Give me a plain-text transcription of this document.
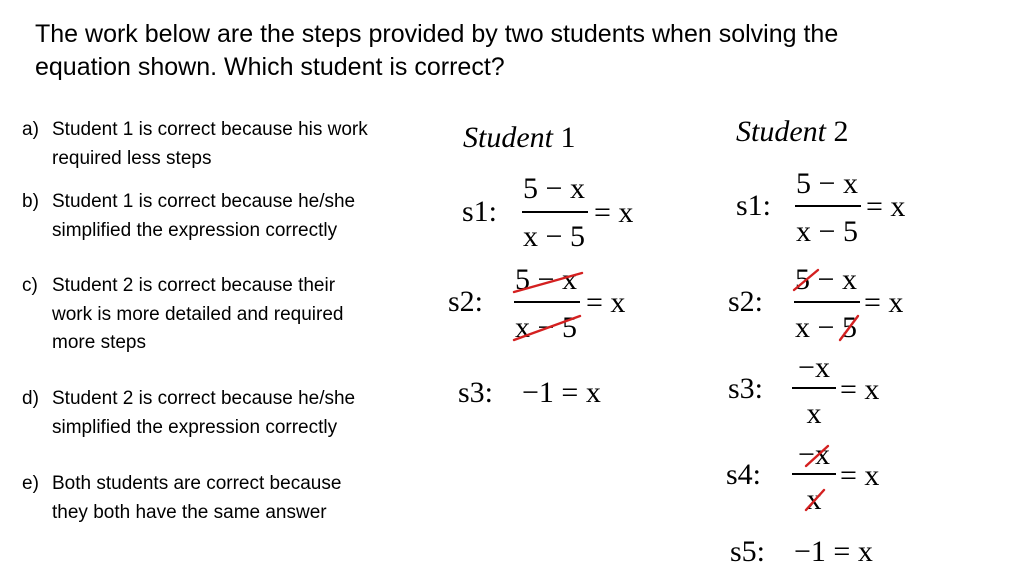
The work below are the steps provided by two students when solving the
equation shown. Which student is correct?
a) Student 1 is correct because his work
required less steps
b) Student 1 is correct because he/she
simplified the expression correctly
c) Student 2 is correct because their
work is more detailed and required
more steps
d) Student 2 is correct because he/she
simplified the expression correctly
e) Both students are correct because
they both have the same answer
Student 1
s1:
5 − x
x − 5
= x
s2:
5 − x
x − 5
= x
s3: −1 = x
Student 2
s1:
5 − x
x − 5
= x
s2:
5 − x
x − 5
= x
s3:
−x
x
= x
s4:
−x
x
= x
s5: −1 = x
